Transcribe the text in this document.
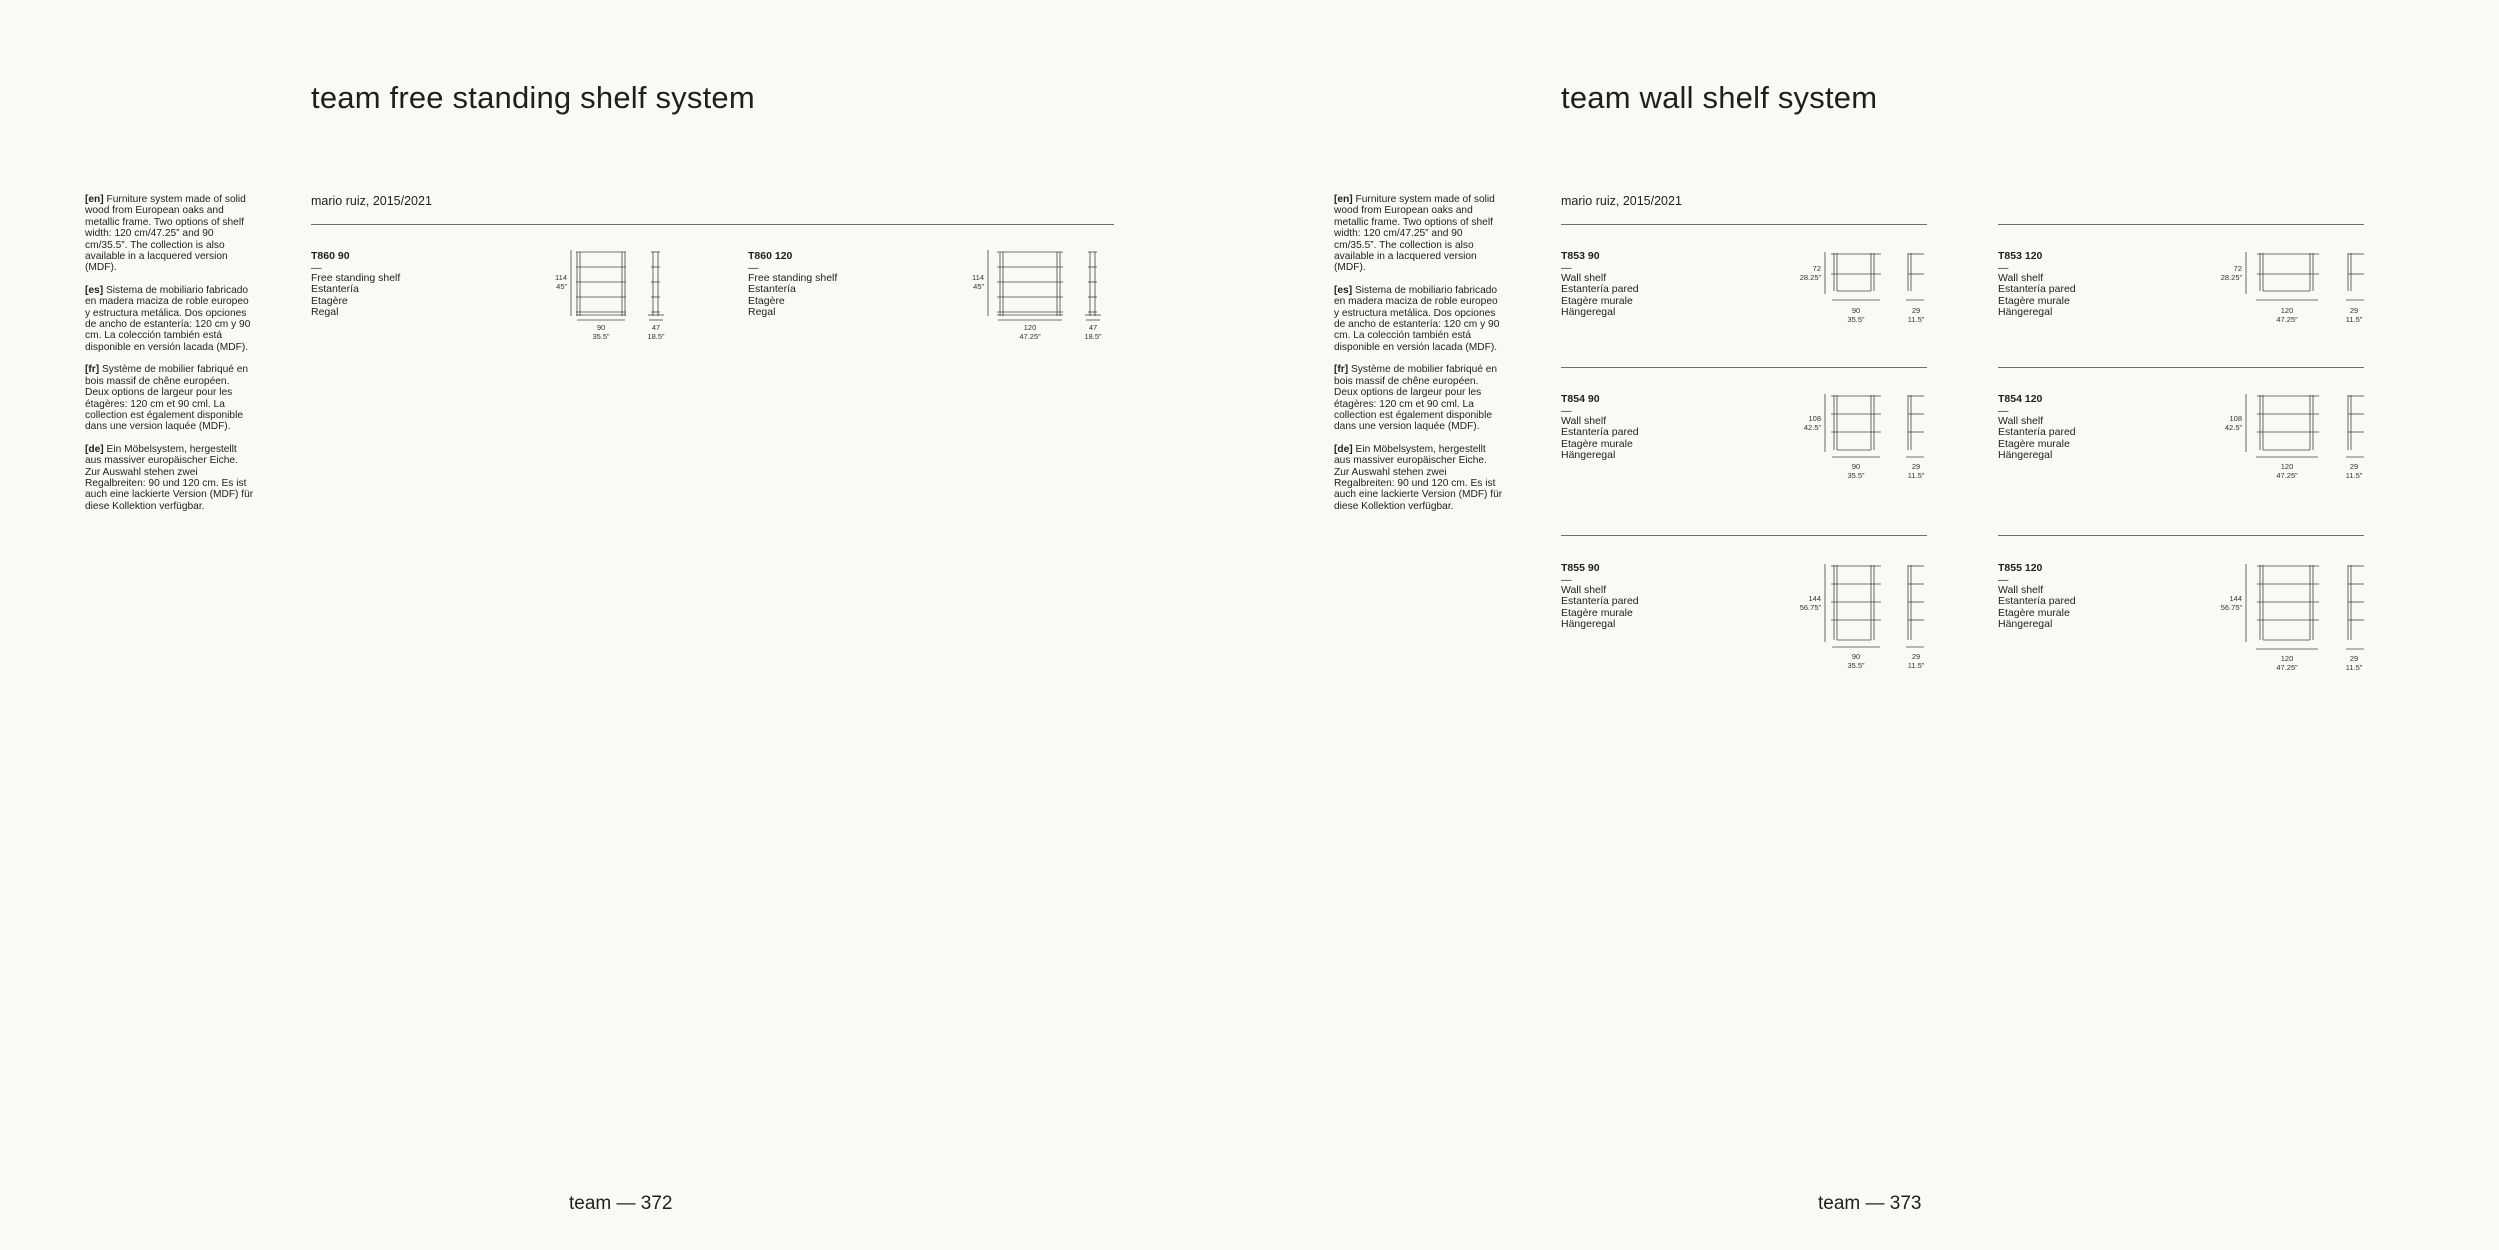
team free standing shelf system

[en] Furniture system made of solid wood from European oaks and metallic frame. Two options of shelf width: 120 cm/47.25” and 90 cm/35.5”. The collection is also available in a lacquered version (MDF).

[es] Sistema de mobiliario fabricado en madera maciza de roble europeo y estructura metálica. Dos opciones de ancho de estantería: 120 cm y 90 cm. La colección también está disponible en versión lacada (MDF).

[fr] Système de mobilier fabriqué en bois massif de chêne européen. Deux options de largeur pour les étagères: 120 cm et 90 cml. La collection est également disponible dans une version laquée (MDF).

[de] Ein Möbelsystem, hergestellt aus massiver europäischer Eiche. Zur Auswahl stehen zwei Regalbreiten: 90 und 120 cm. Es ist auch eine lackierte Version (MDF) für diese Kollektion verfügbar.

mario ruiz, 2015/2021
T860 90
—
Free standing shelf
Estantería
Etagère
Regal
114
45”
90
35.5”
47
18.5”
T860 120
—
Free standing shelf
Estantería
Etagère
Regal
114
45”
120
47.25”
47
18.5”
team — 372
team wall shelf system

[en] Furniture system made of solid wood from European oaks and metallic frame. Two options of shelf width: 120 cm/47.25” and 90 cm/35.5”. The collection is also available in a lacquered version (MDF).

[es] Sistema de mobiliario fabricado en madera maciza de roble europeo y estructura metálica. Dos opciones de ancho de estantería: 120 cm y 90 cm. La colección también está disponible en versión lacada (MDF).

[fr] Système de mobilier fabriqué en bois massif de chêne européen. Deux options de largeur pour les étagères: 120 cm et 90 cml. La collection est également disponible dans une version laquée (MDF).

[de] Ein Möbelsystem, hergestellt aus massiver europäischer Eiche. Zur Auswahl stehen zwei Regalbreiten: 90 und 120 cm. Es ist auch eine lackierte Version (MDF) für diese Kollektion verfügbar.

mario ruiz, 2015/2021
T853 90
—
Wall shelf
Estantería pared
Etagère murale
Hängeregal
72
28.25”
90
35.5”
29
11.5”
T853 120
—
Wall shelf
Estantería pared
Etagère murale
Hängeregal
72
28.25”
120
47.25”
29
11.5”
T854 90
—
Wall shelf
Estantería pared
Etagère murale
Hängeregal
108
42.5”
90
35.5”
29
11.5”
T854 120
—
Wall shelf
Estantería pared
Etagère murale
Hängeregal
108
42.5”
120
47.25”
29
11.5”
T855 90
—
Wall shelf
Estantería pared
Etagère murale
Hängeregal
144
56.75”
90
35.5”
29
11.5”
T855 120
—
Wall shelf
Estantería pared
Etagère murale
Hängeregal
144
56.75”
120
47.25”
29
11.5”
team — 373
